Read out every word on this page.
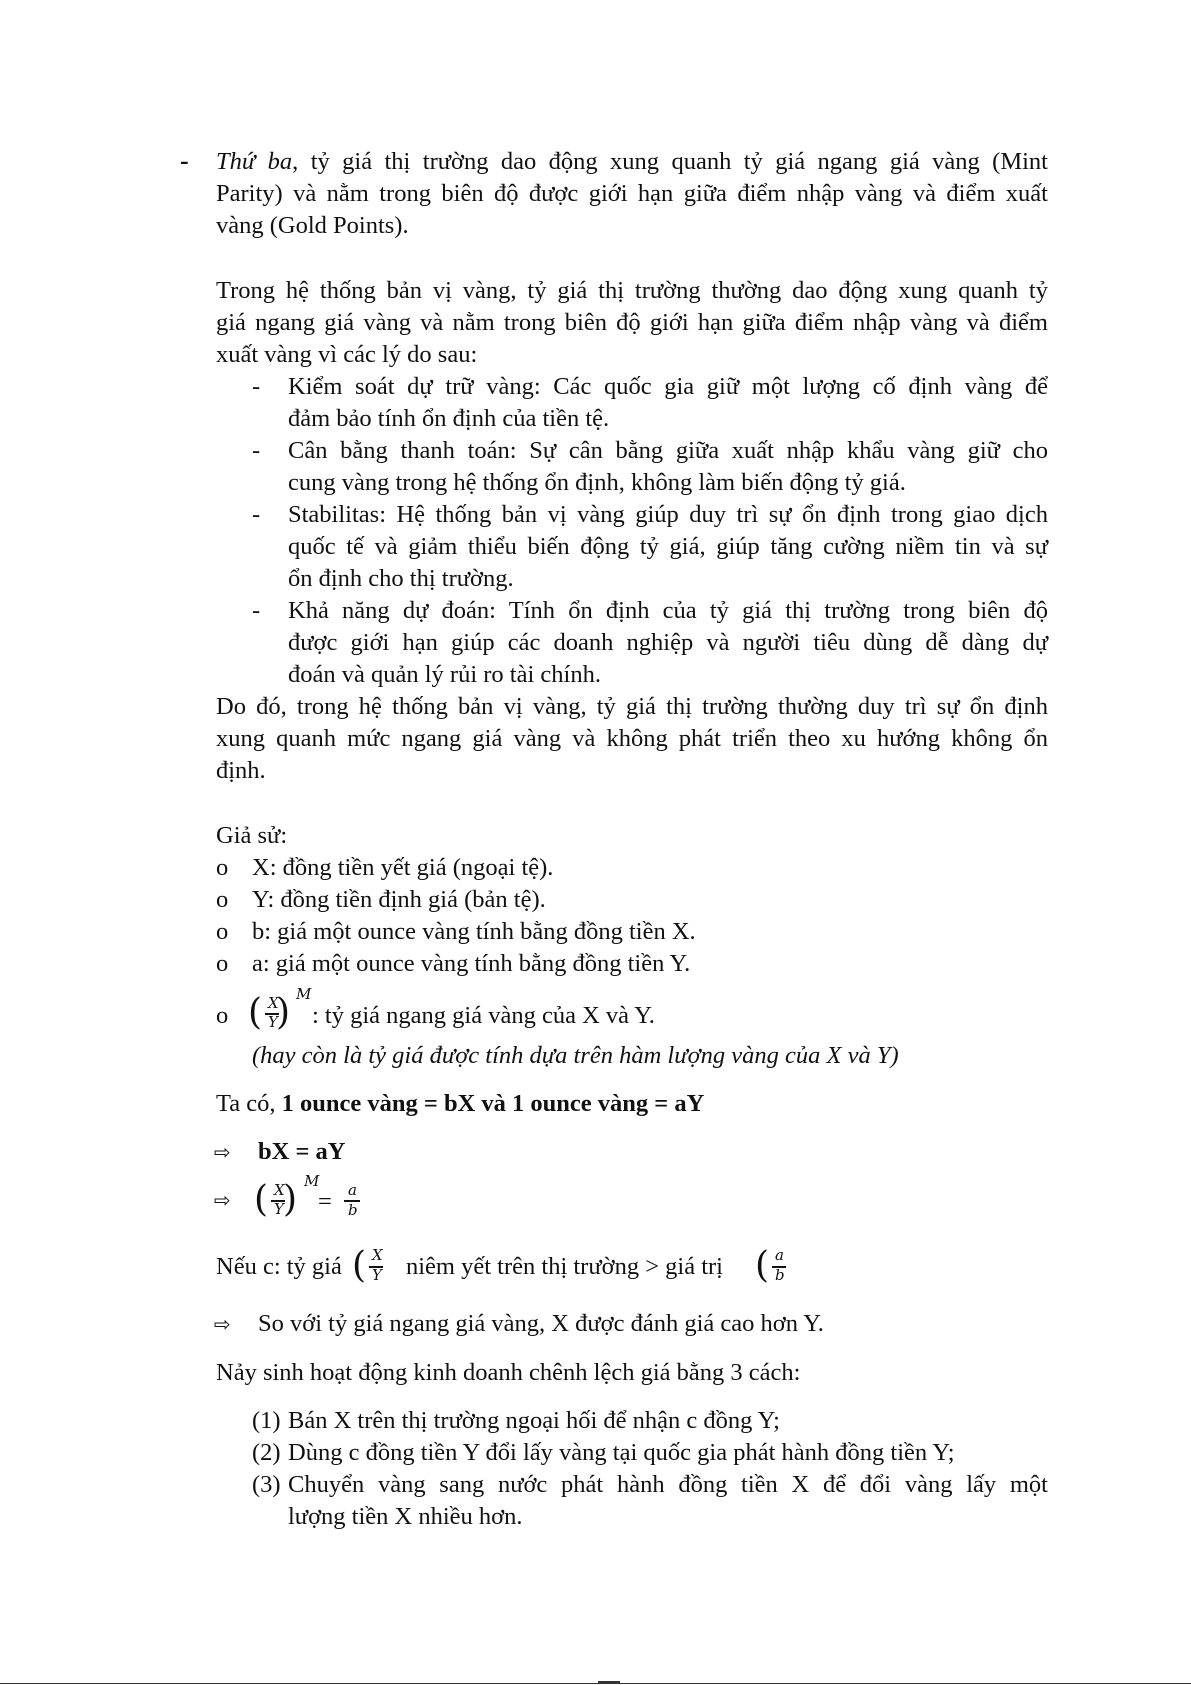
- Thứ ba, tỷ giá thị trường dao động xung quanh tỷ giá ngang giá vàng (Mint
Parity) và nằm trong biên độ được giới hạn giữa điểm nhập vàng và điểm xuất
vàng (Gold Points).
Trong hệ thống bản vị vàng, tỷ giá thị trường thường dao động xung quanh tỷ
giá ngang giá vàng và nằm trong biên độ giới hạn giữa điểm nhập vàng và điểm
xuất vàng vì các lý do sau:
- Kiểm soát dự trữ vàng: Các quốc gia giữ một lượng cố định vàng để
đảm bảo tính ổn định của tiền tệ.
- Cân bằng thanh toán: Sự cân bằng giữa xuất nhập khẩu vàng giữ cho
cung vàng trong hệ thống ổn định, không làm biến động tỷ giá.
- Stabilitas: Hệ thống bản vị vàng giúp duy trì sự ổn định trong giao dịch
quốc tế và giảm thiểu biến động tỷ giá, giúp tăng cường niềm tin và sự
ổn định cho thị trường.
- Khả năng dự đoán: Tính ổn định của tỷ giá thị trường trong biên độ
được giới hạn giúp các doanh nghiệp và người tiêu dùng dễ dàng dự
đoán và quản lý rủi ro tài chính.
Do đó, trong hệ thống bản vị vàng, tỷ giá thị trường thường duy trì sự ổn định
xung quanh mức ngang giá vàng và không phát triển theo xu hướng không ổn
định.
Giả sử:
o X: đồng tiền yết giá (ngoại tệ).
o Y: đồng tiền định giá (bản tệ).
o b: giá một ounce vàng tính bằng đồng tiền X.
o a: giá một ounce vàng tính bằng đồng tiền Y.
o ( X
Y
) M
: tỷ giá ngang giá vàng của X và Y.
(hay còn là tỷ giá được tính dựa trên hàm lượng vàng của X và Y)
Ta có, 1 ounce vàng = bX và 1 ounce vàng = aY
⇨ bX = aY
⇨ ( X
Y ) M
= a
b
Nếu c: tỷ giá ( X
Y niêm yết trên thị trường > giá trị ( a
b
⇨ So với tỷ giá ngang giá vàng, X được đánh giá cao hơn Y.
Nảy sinh hoạt động kinh doanh chênh lệch giá bằng 3 cách:
(1) Bán X trên thị trường ngoại hối để nhận c đồng Y;
(2) Dùng c đồng tiền Y đổi lấy vàng tại quốc gia phát hành đồng tiền Y;
(3) Chuyển vàng sang nước phát hành đồng tiền X để đổi vàng lấy một
lượng tiền X nhiều hơn.
